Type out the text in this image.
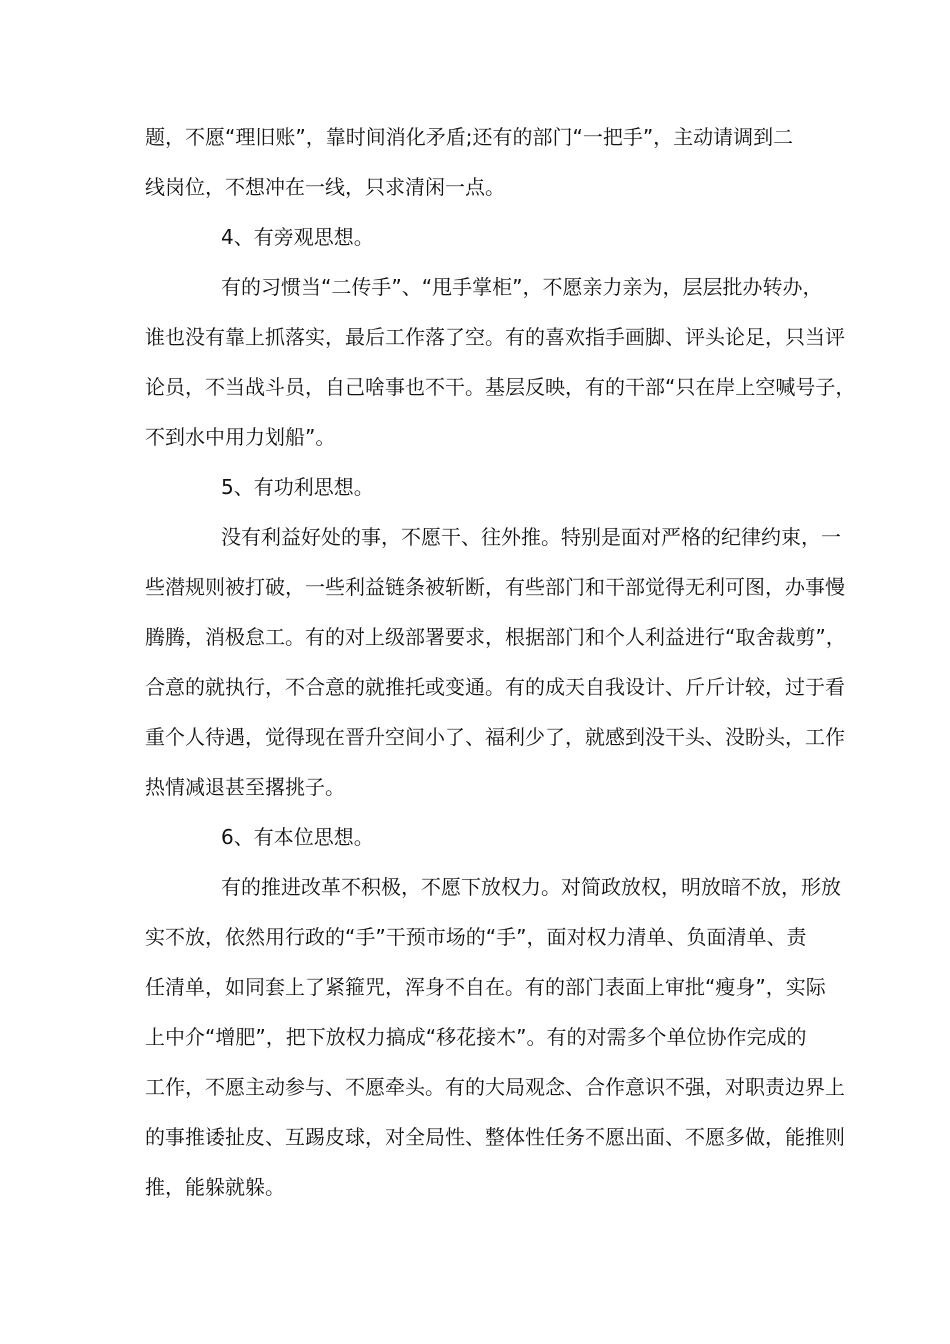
题，不愿“理旧账”，靠时间消化矛盾;还有的部门“一把手”，主动请调到二
线岗位，不想冲在一线，只求清闲一点。
4、有旁观思想。
有的习惯当“二传手”、“甩手掌柜”，不愿亲力亲为，层层批办转办，
谁也没有靠上抓落实，最后工作落了空。有的喜欢指手画脚、评头论足，只当评
论员，不当战斗员，自己啥事也不干。基层反映，有的干部“只在岸上空喊号子，
不到水中用力划船”。
5、有功利思想。
没有利益好处的事，不愿干、往外推。特别是面对严格的纪律约束，一
些潜规则被打破，一些利益链条被斩断，有些部门和干部觉得无利可图，办事慢
腾腾，消极怠工。有的对上级部署要求，根据部门和个人利益进行“取舍裁剪”，
合意的就执行，不合意的就推托或变通。有的成天自我设计、斤斤计较，过于看
重个人待遇，觉得现在晋升空间小了、福利少了，就感到没干头、没盼头，工作
热情减退甚至撂挑子。
6、有本位思想。
有的推进改革不积极，不愿下放权力。对简政放权，明放暗不放，形放
实不放，依然用行政的“手”干预市场的“手”，面对权力清单、负面清单、责
任清单，如同套上了紧箍咒，浑身不自在。有的部门表面上审批“瘦身”，实际
上中介“增肥”，把下放权力搞成“移花接木”。有的对需多个单位协作完成的
工作，不愿主动参与、不愿牵头。有的大局观念、合作意识不强，对职责边界上
的事推诿扯皮、互踢皮球，对全局性、整体性任务不愿出面、不愿多做，能推则
推，能躲就躲。
